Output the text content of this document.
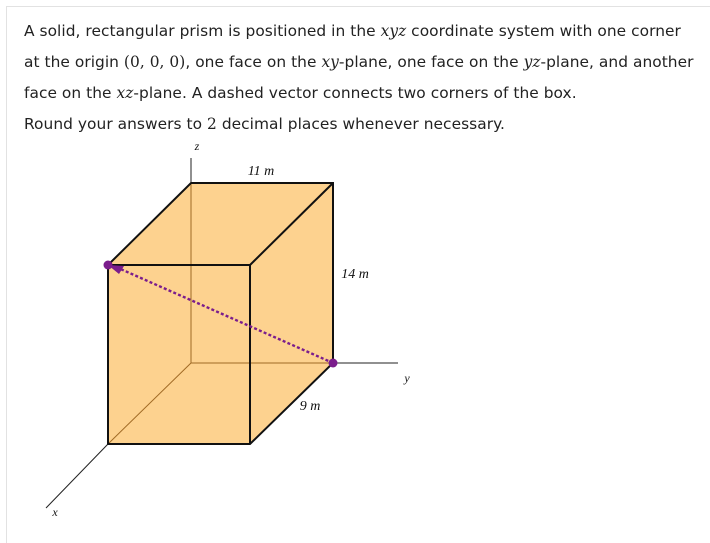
A solid, rectangular prism is positioned in the xyz coordinate system with one corner at the origin (0, 0, 0), one face on the xy-plane, one face on the yz-plane, and another face on the xz-plane. A dashed vector connects two corners of the box.

Round your answers to 2 decimal places whenever necessary.

z
y
x
11 m
14 m
9 m
